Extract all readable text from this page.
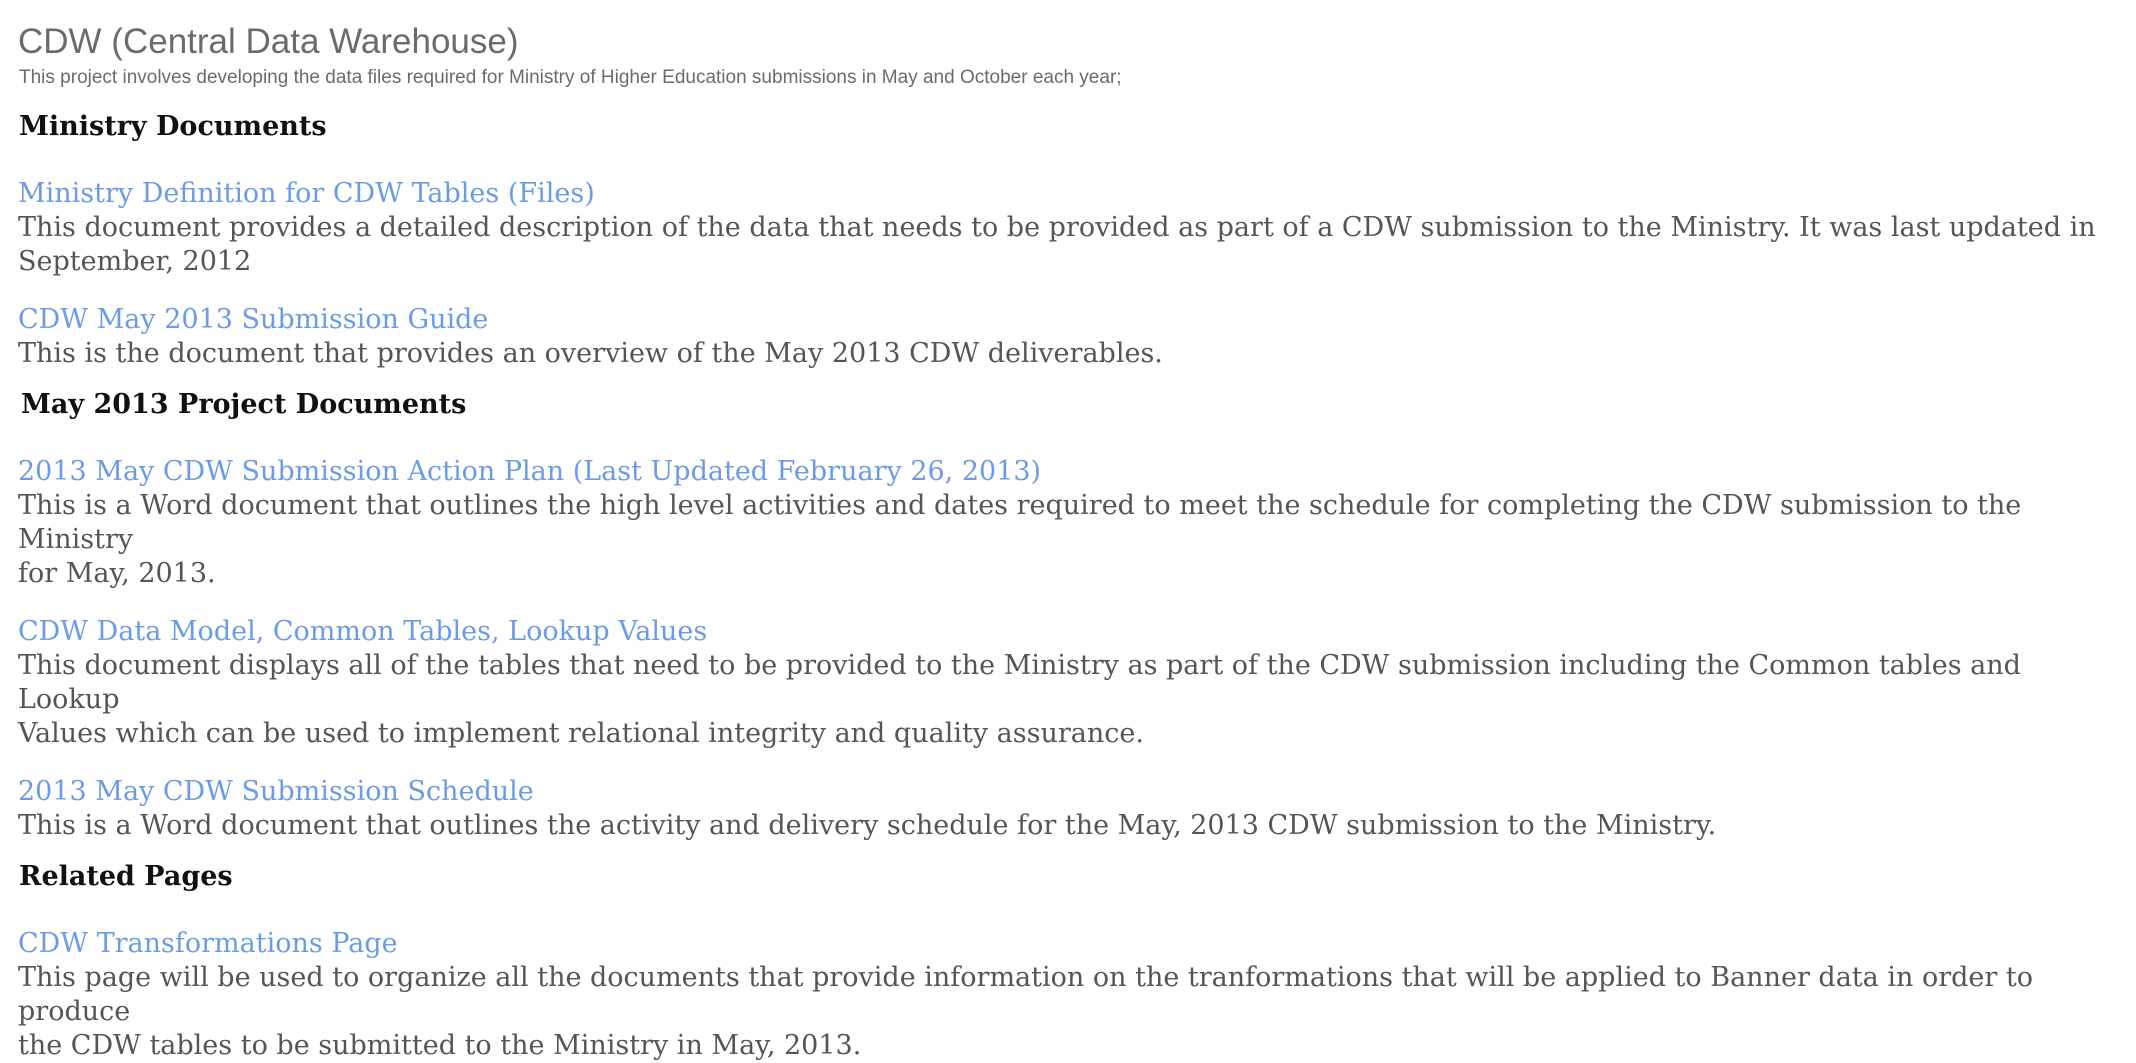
CDW (Central Data Warehouse)
This project involves developing the data files required for Ministry of Higher Education submissions in May and October each year;
Ministry Documents
Ministry Definition for CDW Tables (Files)

This document provides a detailed description of the data that needs to be provided as part of a CDW submission to the Ministry. It was last updated in
September, 2012

CDW May 2013 Submission Guide

This is the document that provides an overview of the May 2013 CDW deliverables.

May 2013 Project Documents
2013 May CDW Submission Action Plan (Last Updated February 26, 2013)

This is a Word document that outlines the high level activities and dates required to meet the schedule for completing the CDW submission to the Ministry
for May, 2013.

CDW Data Model, Common Tables, Lookup Values

This document displays all of the tables that need to be provided to the Ministry as part of the CDW submission including the Common tables and Lookup
Values which can be used to implement relational integrity and quality assurance.

2013 May CDW Submission Schedule

This is a Word document that outlines the activity and delivery schedule for the May, 2013 CDW submission to the Ministry.

Related Pages
CDW Transformations Page

This page will be used to organize all the documents that provide information on the tranformations that will be applied to Banner data in order to produce
the CDW tables to be submitted to the Ministry in May, 2013.
